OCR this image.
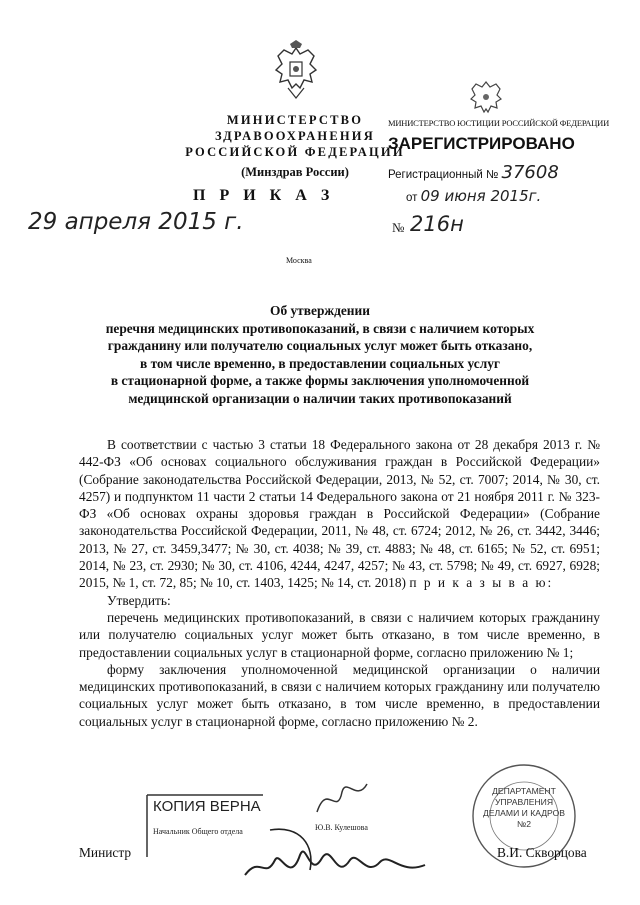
МИНИСТЕРСТВО ЗДРАВООХРАНЕНИЯ
РОССИЙСКОЙ ФЕДЕРАЦИИ
(Минздрав России)
МИНИСТЕРСТВО ЮСТИЦИИ РОССИЙСКОЙ ФЕДЕРАЦИИ
ЗАРЕГИСТРИРОВАНО
Регистрационный № 37608
от 09 июня 2015г.
П Р И К А З
29 апреля 2015 г.	№ 216н
Москва
Об утверждении
перечня медицинских противопоказаний, в связи с наличием которых
гражданину или получателю социальных услуг может быть отказано,
в том числе временно, в предоставлении социальных услуг
в стационарной форме, а также формы заключения уполномоченной
медицинской организации о наличии таких противопоказаний

В соответствии с частью 3 статьи 18 Федерального закона от 28 декабря 2013 г. № 442-ФЗ «Об основах социального обслуживания граждан в Российской Федерации» (Собрание законодательства Российской Федерации, 2013, № 52, ст. 7007; 2014, № 30, ст. 4257) и подпунктом 11 части 2 статьи 14 Федерального закона от 21 ноября 2011 г. № 323-ФЗ «Об основах охраны здоровья граждан в Российской Федерации» (Собрание законодательства Российской Федерации, 2011, № 48, ст. 6724; 2012, № 26, ст. 3442, 3446; 2013, № 27, ст. 3459,3477; № 30, ст. 4038; № 39, ст. 4883; № 48, ст. 6165; № 52, ст. 6951; 2014, № 23, ст. 2930; № 30, ст. 4106, 4244, 4247, 4257; № 43, ст. 5798; № 49, ст. 6927, 6928; 2015, № 1, ст. 72, 85; № 10, ст. 1403, 1425; № 14, ст. 2018) п р и к а з ы в а ю:

Утвердить:

перечень медицинских противопоказаний, в связи с наличием которых гражданину или получателю социальных услуг может быть отказано, в том числе временно, в предоставлении социальных услуг в стационарной форме, согласно приложению № 1;

форму заключения уполномоченной медицинской организации о наличии медицинских противопоказаний, в связи с наличием которых гражданину или получателю социальных услуг может быть отказано, в том числе временно, в предоставлении социальных услуг в стационарной форме, согласно приложению № 2.

КОПИЯ ВЕРНА
Начальник Общего отдела	Ю.В. Кулешова
ДЕПАРТАМЕНТ
УПРАВЛЕНИЯ
ДЕЛАМИ И КАДРОВ
№2
Министр	В.И. Скворцова
